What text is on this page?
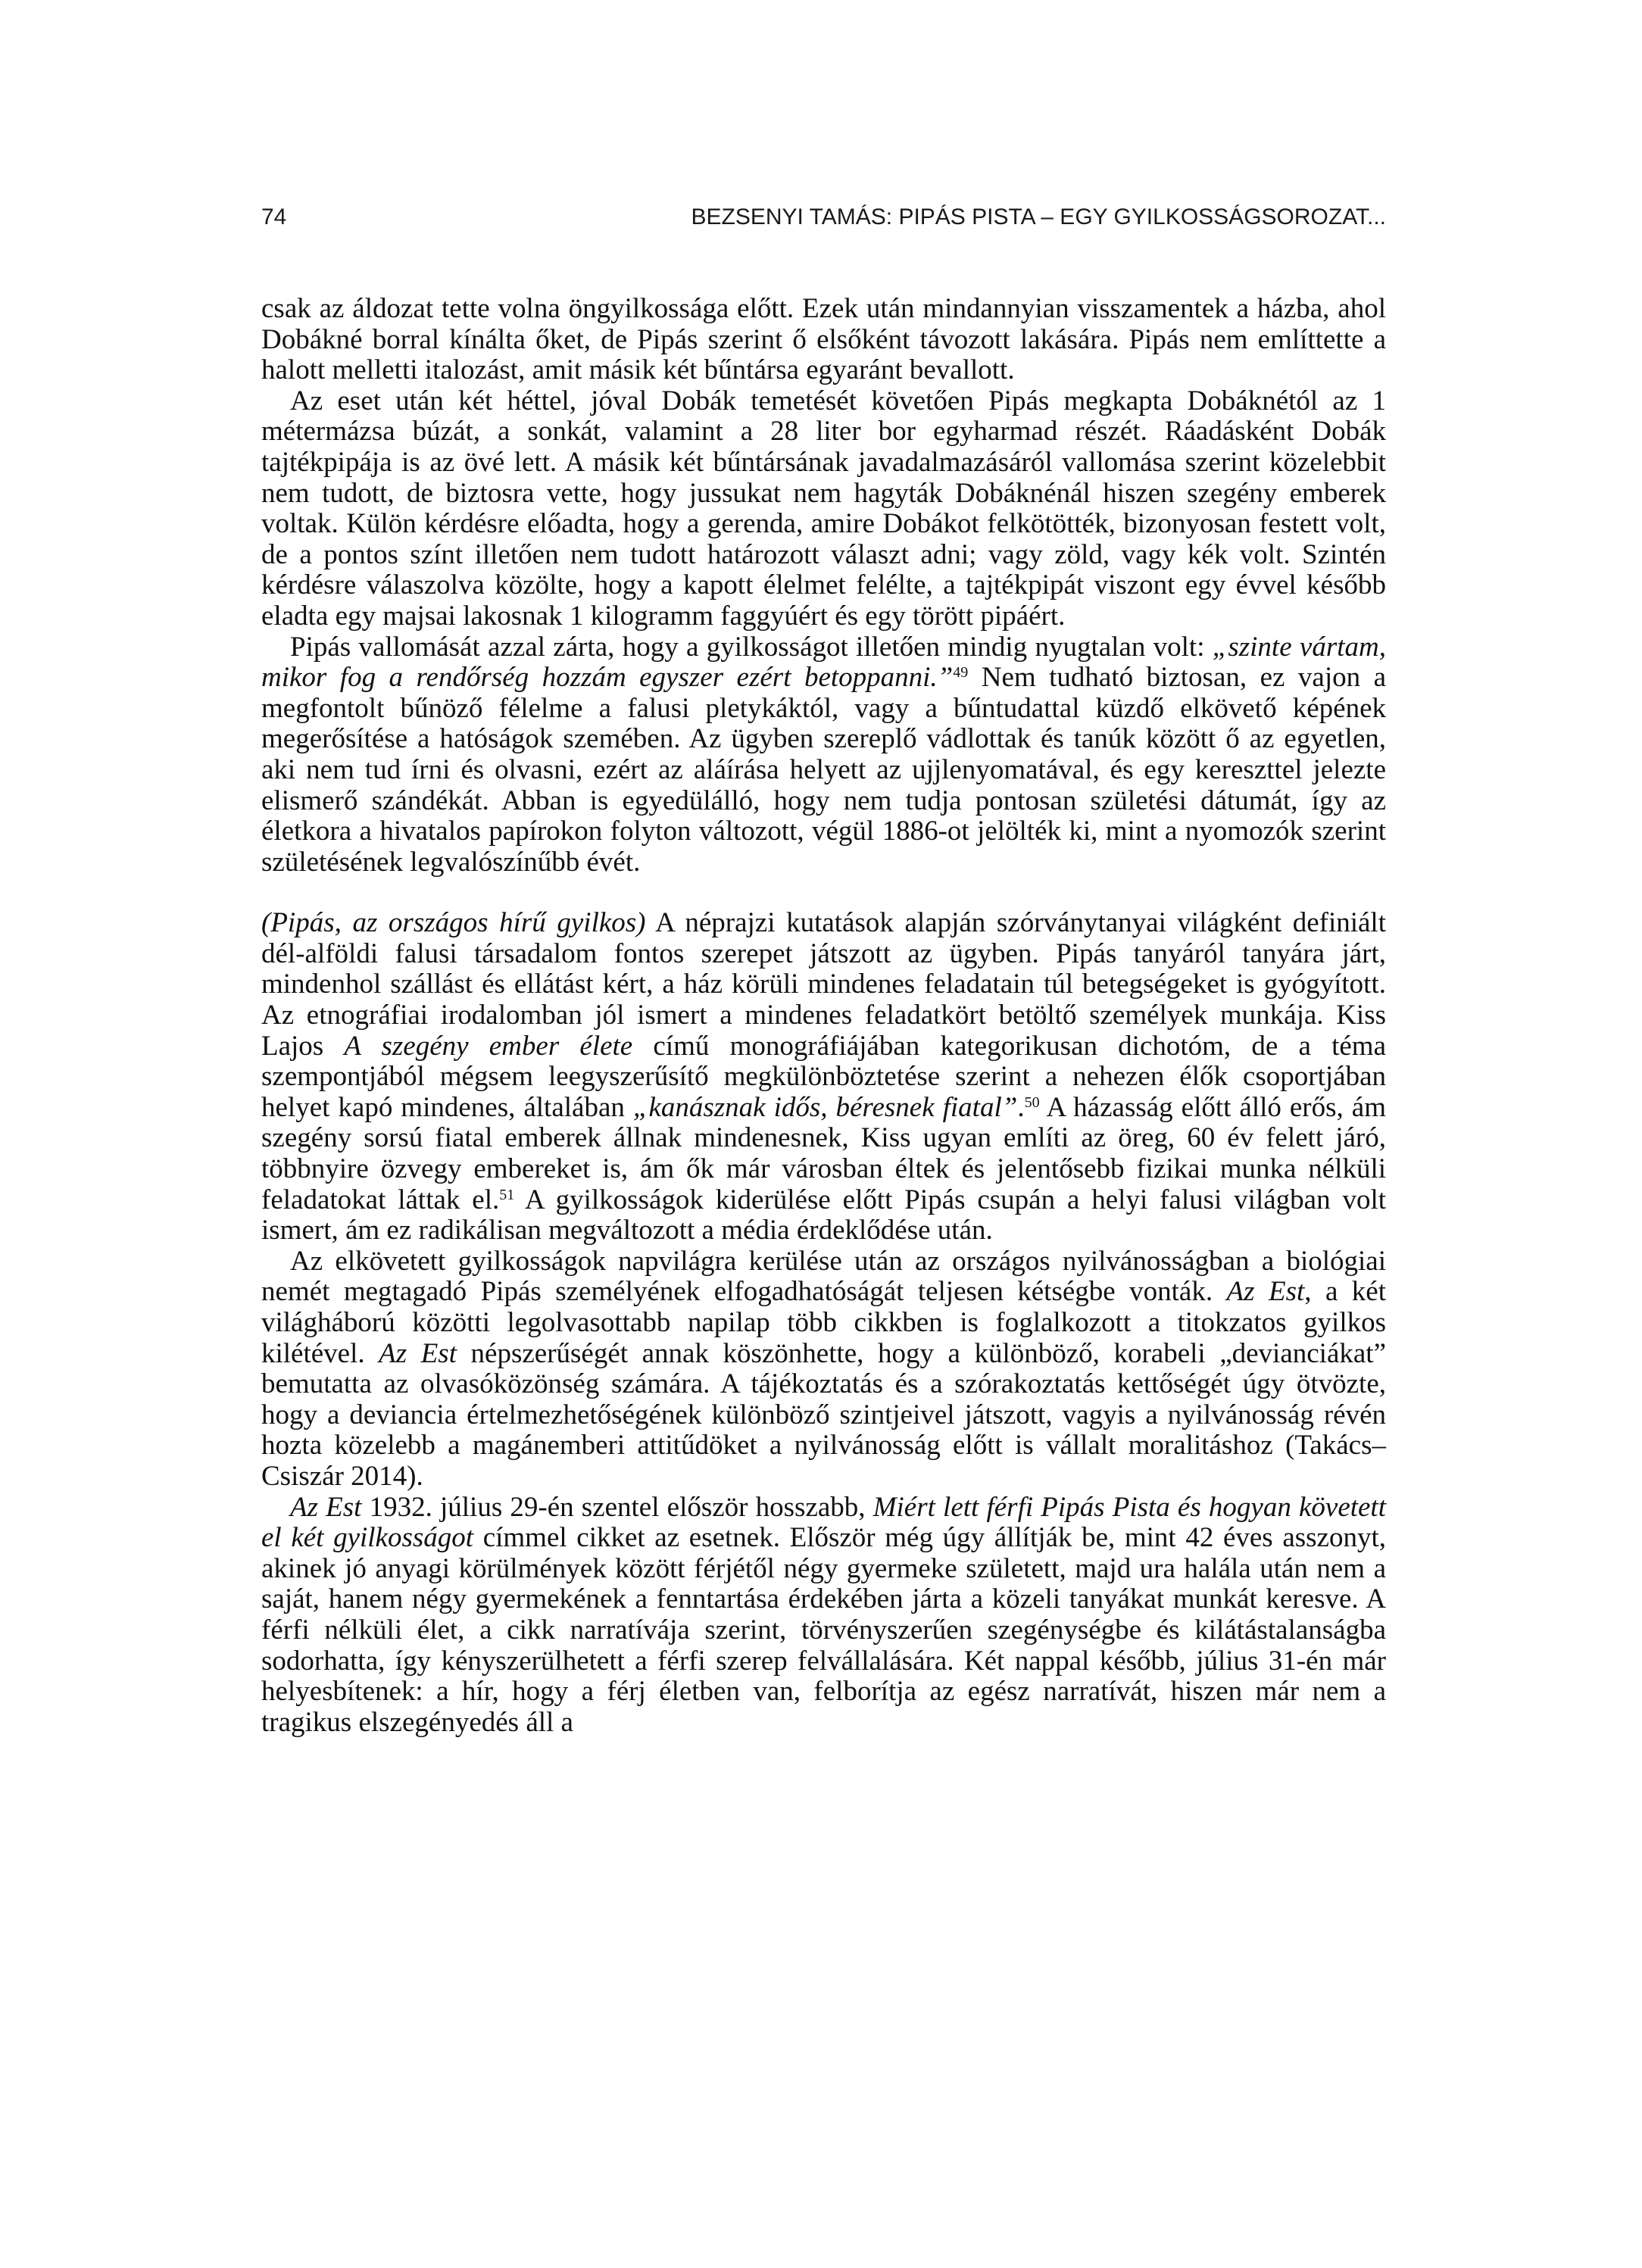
74	BEZSENYI TAMÁS: PIPÁS PISTA – EGY GYILKOSSÁGSOROZAT...

csak az áldozat tette volna öngyilkossága előtt. Ezek után mindannyian visszamentek a házba, ahol Dobákné borral kínálta őket, de Pipás szerint ő elsőként távozott lakására. Pipás nem említtette a halott melletti italozást, amit másik két bűntársa egyaránt bevallott.

Az eset után két héttel, jóval Dobák temetését követően Pipás megkapta Dobáknétól az 1 métermázsa búzát, a sonkát, valamint a 28 liter bor egyharmad részét. Ráadásként Dobák tajtékpipája is az övé lett. A másik két bűntársának javadalmazásáról vallomása szerint közelebbit nem tudott, de biztosra vette, hogy jussukat nem hagyták Dobáknénál hiszen szegény emberek voltak. Külön kérdésre előadta, hogy a gerenda, amire Dobákot felkötötték, bizonyosan festett volt, de a pontos színt illetően nem tudott határozott választ adni; vagy zöld, vagy kék volt. Szintén kérdésre válaszolva közölte, hogy a kapott élelmet felélte, a tajtékpipát viszont egy évvel később eladta egy majsai lakosnak 1 kilogramm faggyúért és egy törött pipáért.

Pipás vallomását azzal zárta, hogy a gyilkosságot illetően mindig nyugtalan volt: „szinte vártam, mikor fog a rendőrség hozzám egyszer ezért betoppanni.”$^{49}$ Nem tudható biztosan, ez vajon a megfontolt bűnöző félelme a falusi pletykáktól, vagy a bűntudattal küzdő elkövető képének megerősítése a hatóságok szemében. Az ügyben szereplő vádlottak és tanúk között ő az egyetlen, aki nem tud írni és olvasni, ezért az aláírása helyett az ujjlenyomatával, és egy kereszttel jelezte elismerő szándékát. Abban is egyedülálló, hogy nem tudja pontosan születési dátumát, így az életkora a hivatalos papírokon folyton változott, végül 1886-ot jelölték ki, mint a nyomozók szerint születésének legvalószínűbb évét.

(Pipás, az országos hírű gyilkos) A néprajzi kutatások alapján szórványtanyai világként definiált dél-alföldi falusi társadalom fontos szerepet játszott az ügyben. Pipás tanyáról tanyára járt, mindenhol szállást és ellátást kért, a ház körüli mindenes feladatain túl betegségeket is gyógyított. Az etnográfiai irodalomban jól ismert a mindenes feladatkört betöltő személyek munkája. Kiss Lajos A szegény ember élete című monográfiájában kategorikusan dichotóm, de a téma szempontjából mégsem leegyszerűsítő megkülönböztetése szerint a nehezen élők csoportjában helyet kapó mindenes, általában „kanásznak idős, béresnek fiatal”.$^{50}$ A házasság előtt álló erős, ám szegény sorsú fiatal emberek állnak mindenesnek, Kiss ugyan említi az öreg, 60 év felett járó, többnyire özvegy embereket is, ám ők már városban éltek és jelentősebb fizikai munka nélküli feladatokat láttak el.$^{51}$ A gyilkosságok kiderülése előtt Pipás csupán a helyi falusi világban volt ismert, ám ez radikálisan megváltozott a média érdeklődése után.

Az elkövetett gyilkosságok napvilágra kerülése után az országos nyilvánosságban a biológiai nemét megtagadó Pipás személyének elfogadhatóságát teljesen kétségbe vonták. Az Est, a két világháború közötti legolvasottabb napilap több cikkben is foglalkozott a titokzatos gyilkos kilétével. Az Est népszerűségét annak köszönhette, hogy a különböző, korabeli „devianciákat” bemutatta az olvasóközönség számára. A tájékoztatás és a szórakoztatás kettőségét úgy ötvözte, hogy a deviancia értelmezhetőségének különböző szintjeivel játszott, vagyis a nyilvánosság révén hozta közelebb a magánemberi attitűdöket a nyilvánosság előtt is vállalt moralitáshoz (Takács–Csiszár 2014).

Az Est 1932. július 29-én szentel először hosszabb, Miért lett férfi Pipás Pista és hogyan követett el két gyilkosságot címmel cikket az esetnek. Először még úgy állítják be, mint 42 éves asszonyt, akinek jó anyagi körülmények között férjétől négy gyermeke született, majd ura halála után nem a saját, hanem négy gyermekének a fenntartása érdekében járta a közeli tanyákat munkát keresve. A férfi nélküli élet, a cikk narratívája szerint, törvényszerűen szegénységbe és kilátástalanságba sodorhatta, így kényszerülhetett a férfi szerep felvállalására. Két nappal később, július 31-én már helyesbítenek: a hír, hogy a férj életben van, felborítja az egész narratívát, hiszen már nem a tragikus elszegényedés áll a
